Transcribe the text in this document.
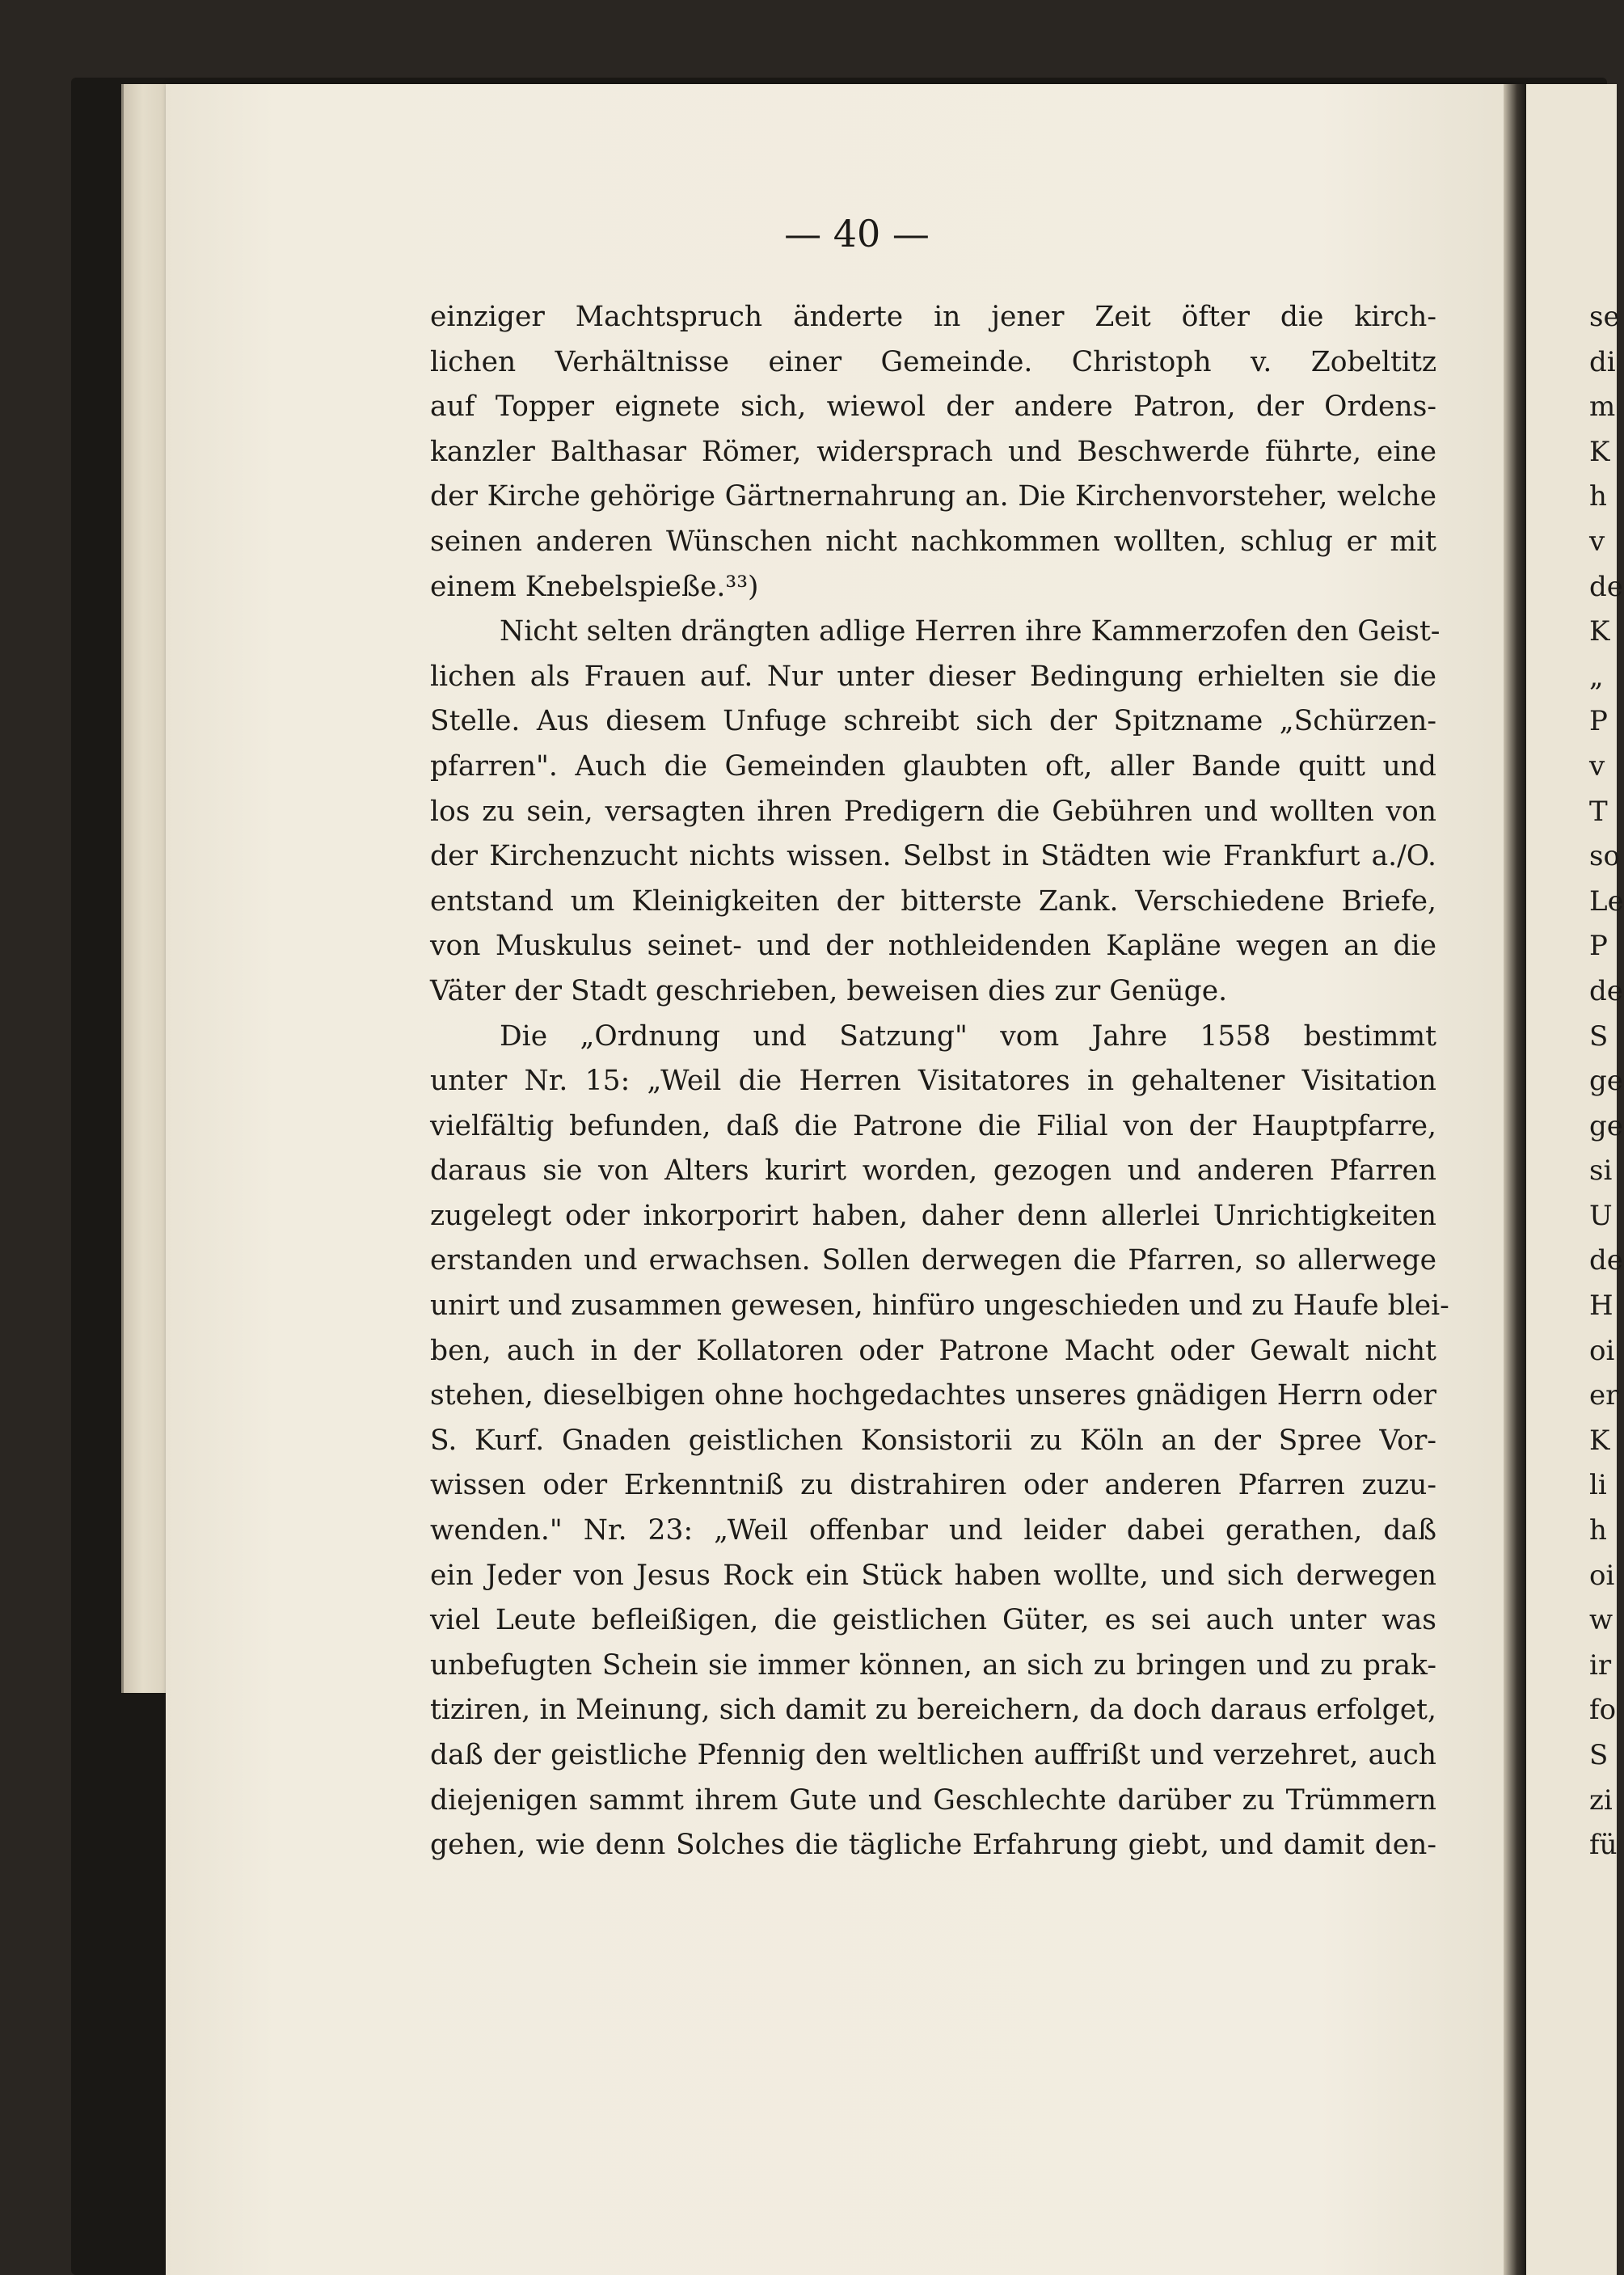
— 40 —
einziger Machtspruch änderte in jener Zeit öfter die kirch-
lichen Verhältnisse einer Gemeinde. Christoph v. Zobeltitz
auf Topper eignete sich, wiewol der andere Patron, der Ordens-
kanzler Balthasar Römer, widersprach und Beschwerde führte, eine
der Kirche gehörige Gärtnernahrung an. Die Kirchenvorsteher, welche
seinen anderen Wünschen nicht nachkommen wollten, schlug er mit
einem Knebelspieße.³³)
Nicht selten drängten adlige Herren ihre Kammerzofen den Geist-
lichen als Frauen auf. Nur unter dieser Bedingung erhielten sie die
Stelle. Aus diesem Unfuge schreibt sich der Spitzname „Schürzen-
pfarren". Auch die Gemeinden glaubten oft, aller Bande quitt und
los zu sein, versagten ihren Predigern die Gebühren und wollten von
der Kirchenzucht nichts wissen. Selbst in Städten wie Frankfurt a./O.
entstand um Kleinigkeiten der bitterste Zank. Verschiedene Briefe,
von Muskulus seinet- und der nothleidenden Kapläne wegen an die
Väter der Stadt geschrieben, beweisen dies zur Genüge.
Die „Ordnung und Satzung" vom Jahre 1558 bestimmt
unter Nr. 15: „Weil die Herren Visitatores in gehaltener Visitation
vielfältig befunden, daß die Patrone die Filial von der Hauptpfarre,
daraus sie von Alters kurirt worden, gezogen und anderen Pfarren
zugelegt oder inkorporirt haben, daher denn allerlei Unrichtigkeiten
erstanden und erwachsen. Sollen derwegen die Pfarren, so allerwege
unirt und zusammen gewesen, hinfüro ungeschieden und zu Haufe blei-
ben, auch in der Kollatoren oder Patrone Macht oder Gewalt nicht
stehen, dieselbigen ohne hochgedachtes unseres gnädigen Herrn oder
S. Kurf. Gnaden geistlichen Konsistorii zu Köln an der Spree Vor-
wissen oder Erkenntniß zu distrahiren oder anderen Pfarren zuzu-
wenden." Nr. 23: „Weil offenbar und leider dabei gerathen, daß
ein Jeder von Jesus Rock ein Stück haben wollte, und sich derwegen
viel Leute befleißigen, die geistlichen Güter, es sei auch unter was
unbefugten Schein sie immer können, an sich zu bringen und zu prak-
tiziren, in Meinung, sich damit zu bereichern, da doch daraus erfolget,
daß der geistliche Pfennig den weltlichen auffrißt und verzehret, auch
diejenigen sammt ihrem Gute und Geschlechte darüber zu Trümmern
gehen, wie denn Solches die tägliche Erfahrung giebt, und damit den-
se
di
m
K
h
v
de
K
„
P
v
T
so
Le
P
de
S
ge
ge
si
U
de
H
oi
er
K
li
h
oi
w
ir
fo
S
zi
fü
